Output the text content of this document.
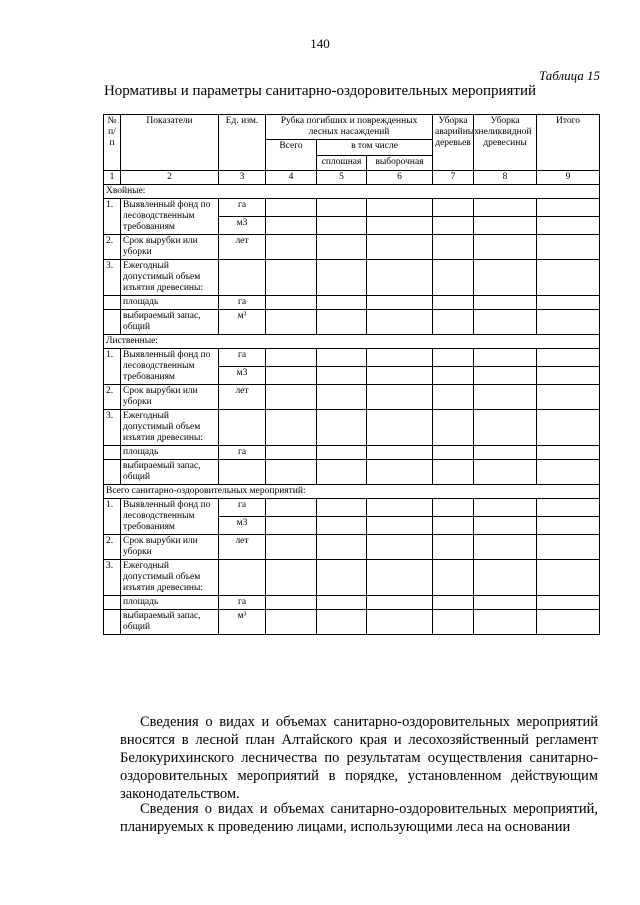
140
Таблица 15
Нормативы и параметры санитарно-оздоровительных мероприятий
№ п/п	Показатели	Ед. изм.	Рубка погибших и поврежденных лесных насаждений			Уборка аварийных деревьев	Уборка неликвидной древесины	Итого
			Всего	в том числе				
				сплошная	выборочная			
1	2	3	4	5	6	7	8	9
Хвойные:								
1.	Выявленный фонд по лесоводственным требованиям	га						
		м3						
2.	Срок вырубки или уборки	лет						
3.	Ежегодный допустимый объем изъятия древесины:							
	площадь	га						
	выбираемый запас, общий	м³						
Лиственные:								
1.	Выявленный фонд по лесоводственным требованиям	га						
		м3						
2.	Срок вырубки или уборки	лет						
3.	Ежегодный допустимый объем изъятия древесины:							
	площадь	га						
	выбираемый запас, общий							
Всего санитарно-оздоровительных мероприятий:								
1.	Выявленный фонд по лесоводственным требованиям	га						
		м3						
2.	Срок вырубки или уборки	лет						
3.	Ежегодный допустимый объем изъятия древесины:							
	площадь	га						
	выбираемый запас, общий	м³						

Сведения о видах и объемах санитарно-оздоровительных мероприятий вносятся в лесной план Алтайского края и лесохозяйственный регламент Белокурихинского лесничества по результатам осуществления санитарно-оздоровительных мероприятий в порядке, установленном действующим законодательством.

Сведения о видах и объемах санитарно-оздоровительных мероприятий, планируемых к проведению лицами, использующими леса на основании
